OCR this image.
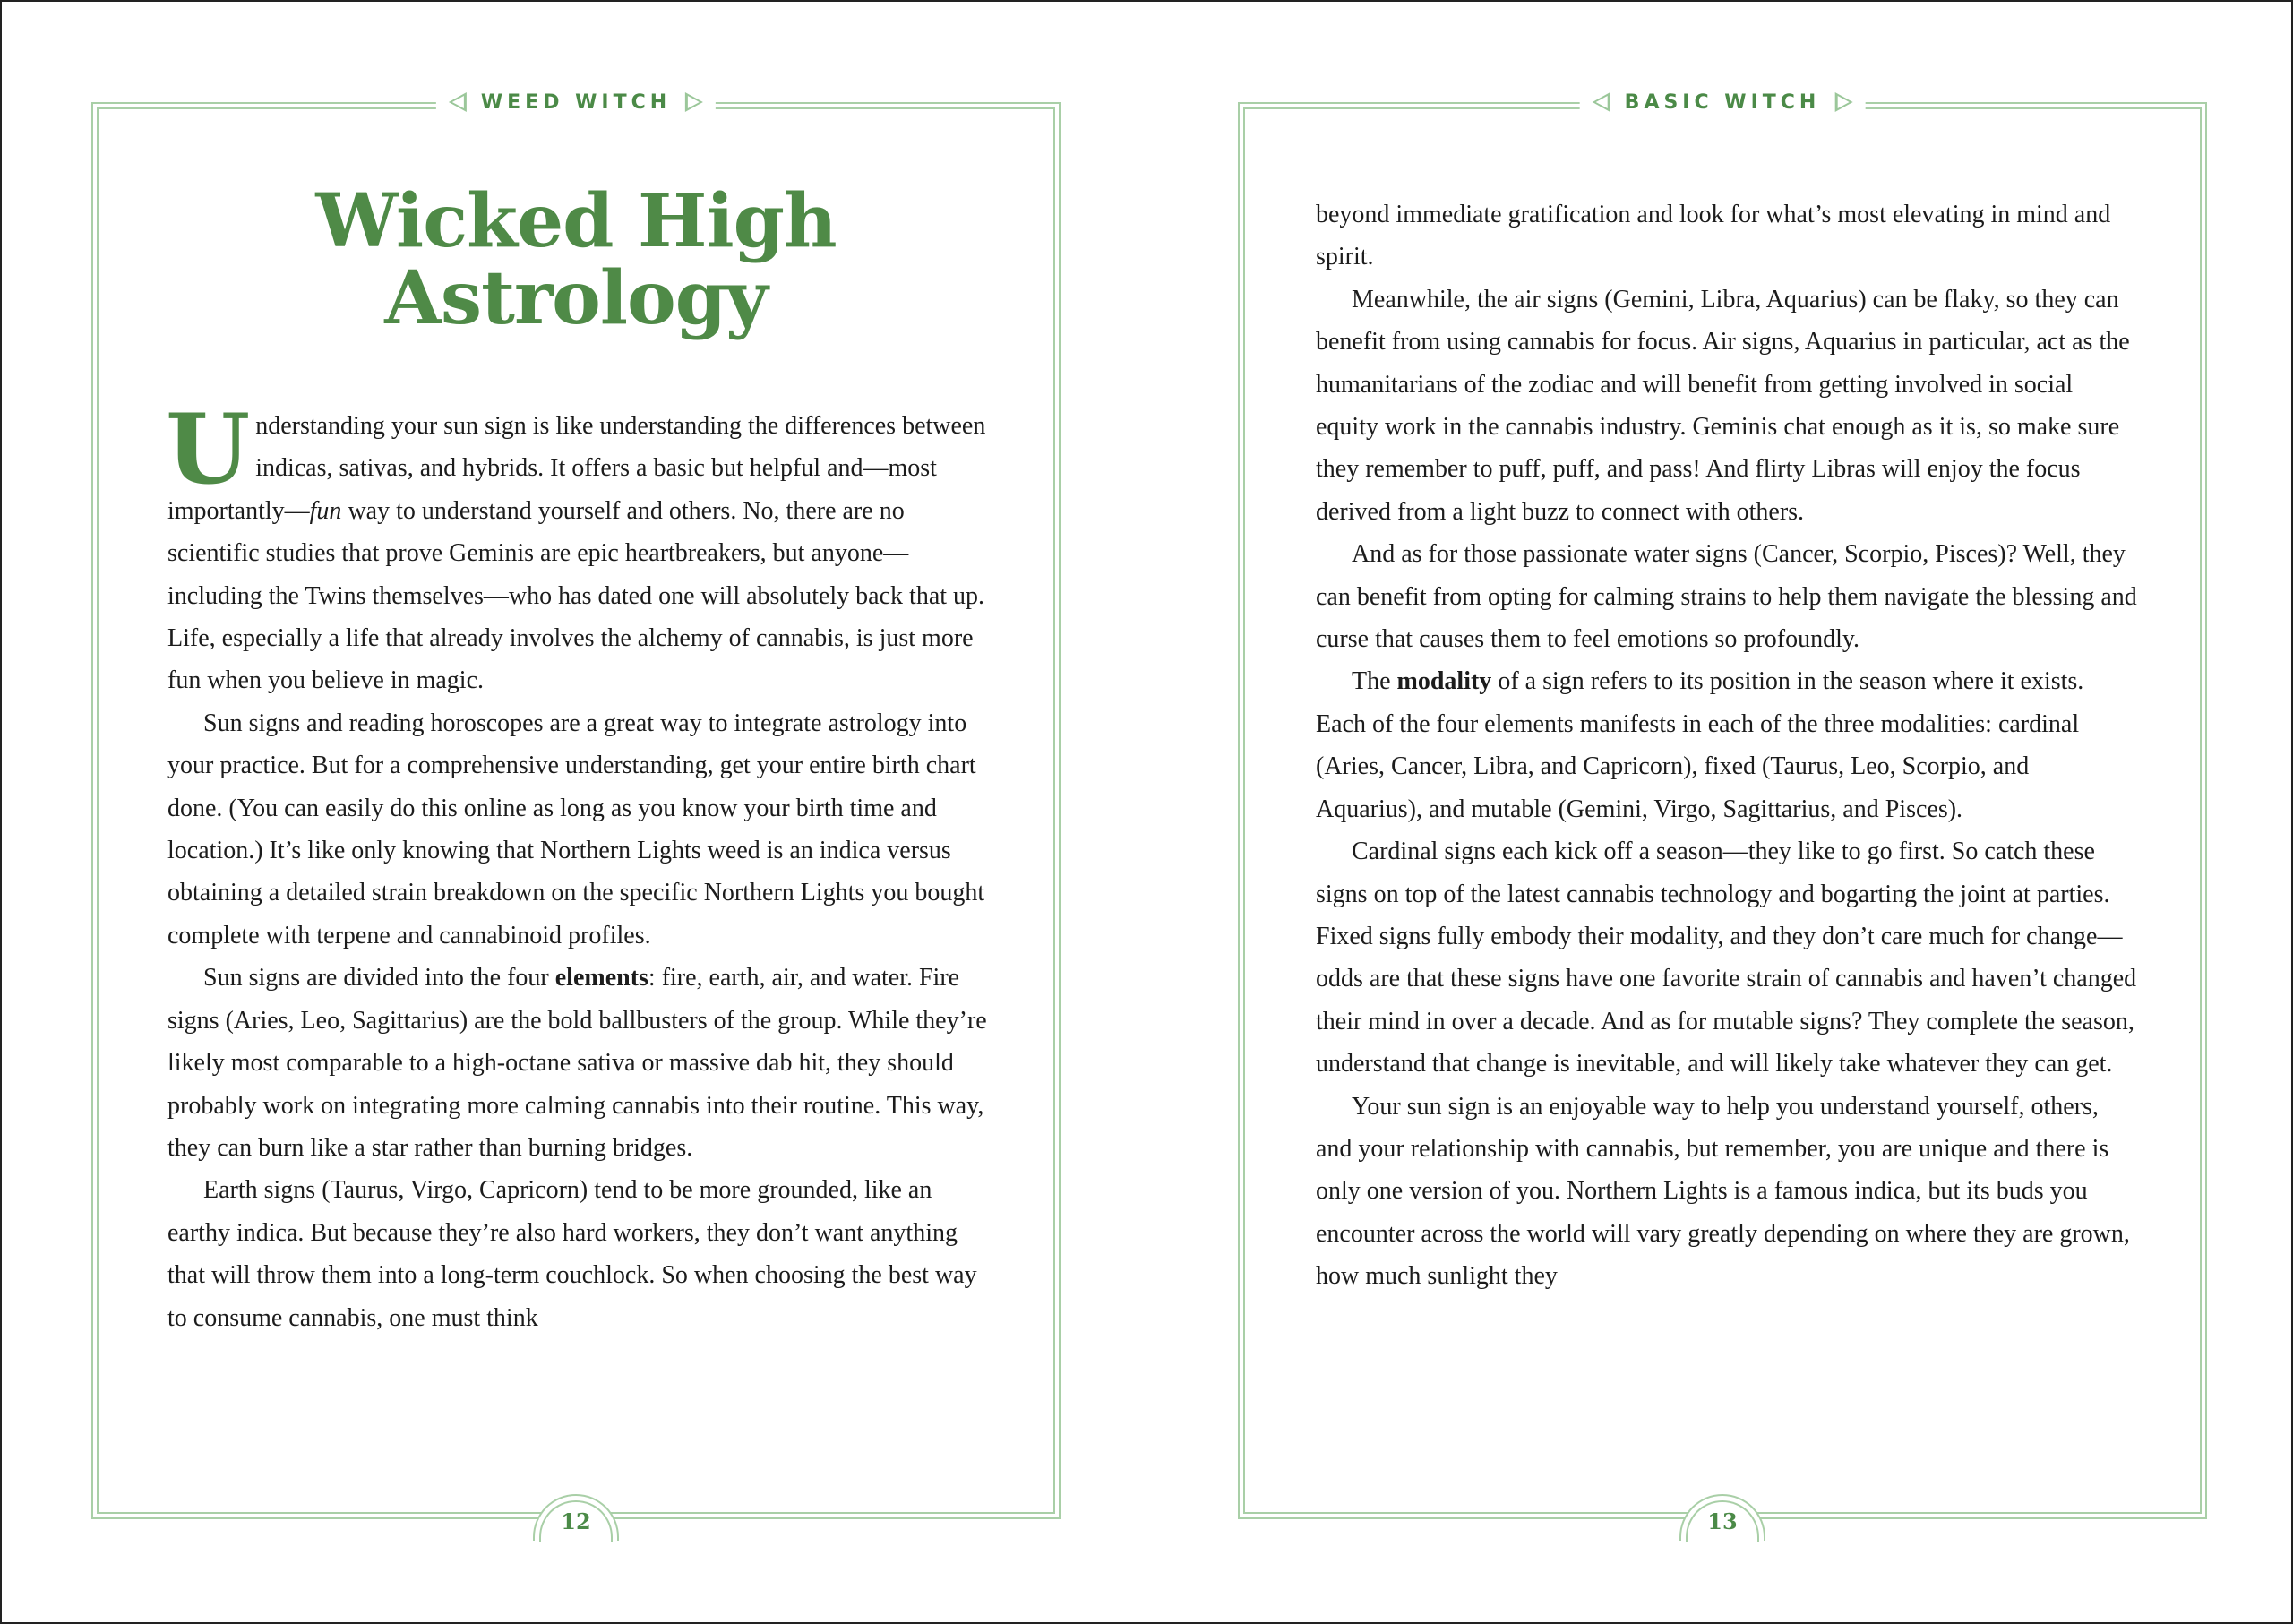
WEED WITCH
Wicked High
Astrology

Understanding your sun sign is like understanding the differences between indicas, sativas, and hybrids. It offers a basic but helpful and—most importantly—fun way to understand yourself and others. No, there are no scientific studies that prove Geminis are epic heartbreakers, but anyone—including the Twins themselves—who has dated one will absolutely back that up. Life, especially a life that already involves the alchemy of cannabis, is just more fun when you believe in magic.

Sun signs and reading horoscopes are a great way to integrate astrology into your practice. But for a comprehensive understanding, get your entire birth chart done. (You can easily do this online as long as you know your birth time and location.) It’s like only knowing that Northern Lights weed is an indica versus obtaining a detailed strain breakdown on the specific Northern Lights you bought complete with terpene and cannabinoid profiles.

Sun signs are divided into the four elements: fire, earth, air, and water. Fire signs (Aries, Leo, Sagittarius) are the bold ballbusters of the group. While they’re likely most comparable to a high-octane sativa or massive dab hit, they should probably work on integrating more calming cannabis into their routine. This way, they can burn like a star rather than burning bridges.

Earth signs (Taurus, Virgo, Capricorn) tend to be more grounded, like an earthy indica. But because they’re also hard workers, they don’t want anything that will throw them into a long-term couchlock. So when choosing the best way to consume cannabis, one must think

12
BASIC WITCH

beyond immediate gratification and look for what’s most elevating in mind and spirit.

Meanwhile, the air signs (Gemini, Libra, Aquarius) can be flaky, so they can benefit from using cannabis for focus. Air signs, Aquarius in particular, act as the humanitarians of the zodiac and will benefit from getting involved in social equity work in the cannabis industry. Geminis chat enough as it is, so make sure they remember to puff, puff, and pass! And flirty Libras will enjoy the focus derived from a light buzz to connect with others.

And as for those passionate water signs (Cancer, Scorpio, Pisces)? Well, they can benefit from opting for calming strains to help them navigate the blessing and curse that causes them to feel emotions so profoundly.

The modality of a sign refers to its position in the season where it exists. Each of the four elements manifests in each of the three modalities: cardinal (Aries, Cancer, Libra, and Capricorn), fixed (Taurus, Leo, Scorpio, and Aquarius), and mutable (Gemini, Virgo, Sagittarius, and Pisces).

Cardinal signs each kick off a season—they like to go first. So catch these signs on top of the latest cannabis technology and bogarting the joint at parties. Fixed signs fully embody their modality, and they don’t care much for change—odds are that these signs have one favorite strain of cannabis and haven’t changed their mind in over a decade. And as for mutable signs? They complete the season, understand that change is inevitable, and will likely take whatever they can get.

Your sun sign is an enjoyable way to help you understand yourself, others, and your relationship with cannabis, but remember, you are unique and there is only one version of you. Northern Lights is a famous indica, but its buds you encounter across the world will vary greatly depending on where they are grown, how much sunlight they

13
